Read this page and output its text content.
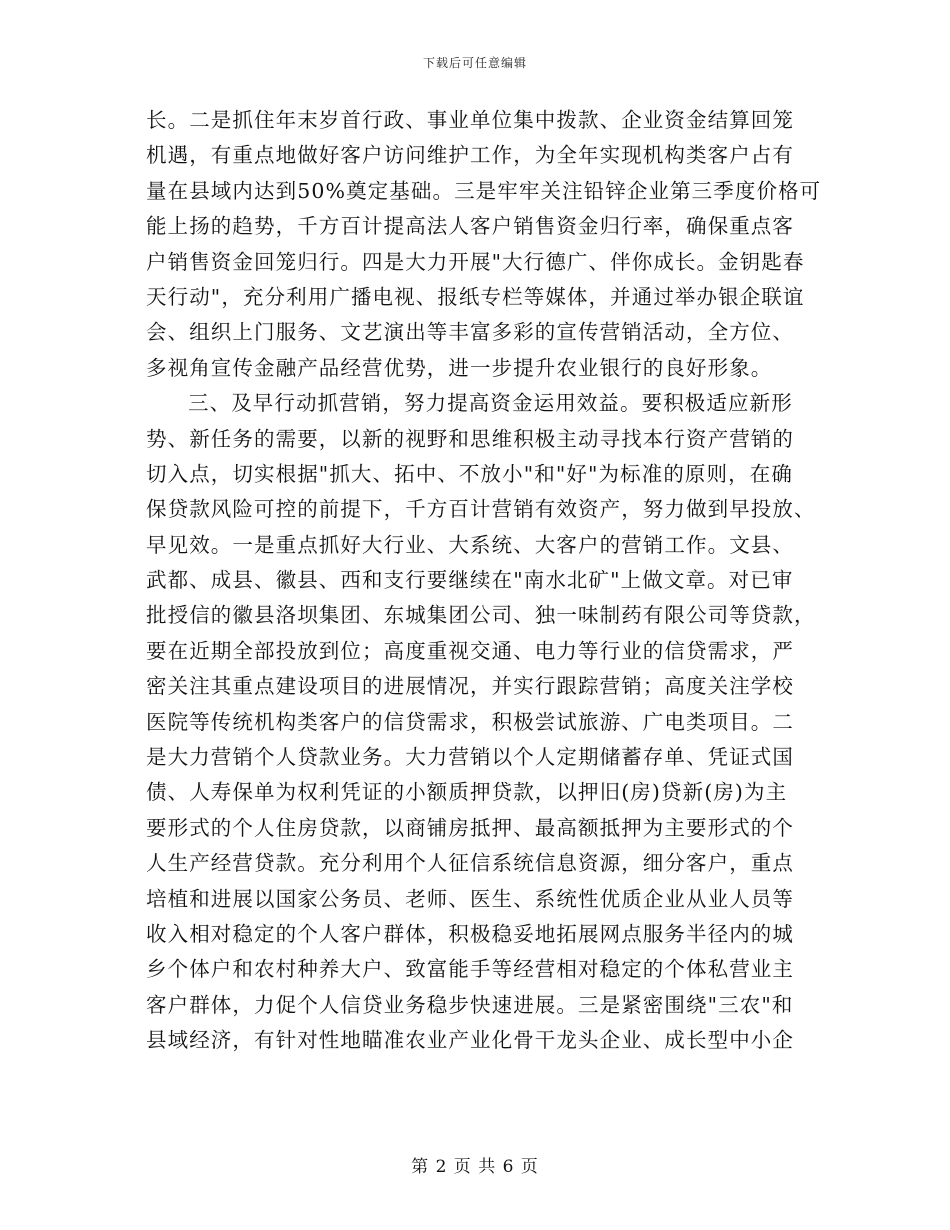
下载后可任意编辑
长。二是抓住年末岁首行政、事业单位集中拨款、企业资金结算回笼
机遇，有重点地做好客户访问维护工作，为全年实现机构类客户占有
量在县域内达到50%奠定基础。三是牢牢关注铅锌企业第三季度价格可
能上扬的趋势，千方百计提高法人客户销售资金归行率，确保重点客
户销售资金回笼归行。四是大力开展"大行德广、伴你成长。金钥匙春
天行动"，充分利用广播电视、报纸专栏等媒体，并通过举办银企联谊
会、组织上门服务、文艺演出等丰富多彩的宣传营销活动，全方位、
多视角宣传金融产品经营优势，进一步提升农业银行的良好形象。
三、及早行动抓营销，努力提高资金运用效益。要积极适应新形
势、新任务的需要，以新的视野和思维积极主动寻找本行资产营销的
切入点，切实根据"抓大、拓中、不放小"和"好"为标准的原则，在确
保贷款风险可控的前提下，千方百计营销有效资产，努力做到早投放、
早见效。一是重点抓好大行业、大系统、大客户的营销工作。文县、
武都、成县、徽县、西和支行要继续在"南水北矿"上做文章。对已审
批授信的徽县洛坝集团、东城集团公司、独一味制药有限公司等贷款，
要在近期全部投放到位；高度重视交通、电力等行业的信贷需求，严
密关注其重点建设项目的进展情况，并实行跟踪营销；高度关注学校
医院等传统机构类客户的信贷需求，积极尝试旅游、广电类项目。二
是大力营销个人贷款业务。大力营销以个人定期储蓄存单、凭证式国
债、人寿保单为权利凭证的小额质押贷款，以押旧(房)贷新(房)为主
要形式的个人住房贷款，以商铺房抵押、最高额抵押为主要形式的个
人生产经营贷款。充分利用个人征信系统信息资源，细分客户，重点
培植和进展以国家公务员、老师、医生、系统性优质企业从业人员等
收入相对稳定的个人客户群体，积极稳妥地拓展网点服务半径内的城
乡个体户和农村种养大户、致富能手等经营相对稳定的个体私营业主
客户群体，力促个人信贷业务稳步快速进展。三是紧密围绕"三农"和
县域经济，有针对性地瞄准农业产业化骨干龙头企业、成长型中小企
第 2 页 共 6 页
